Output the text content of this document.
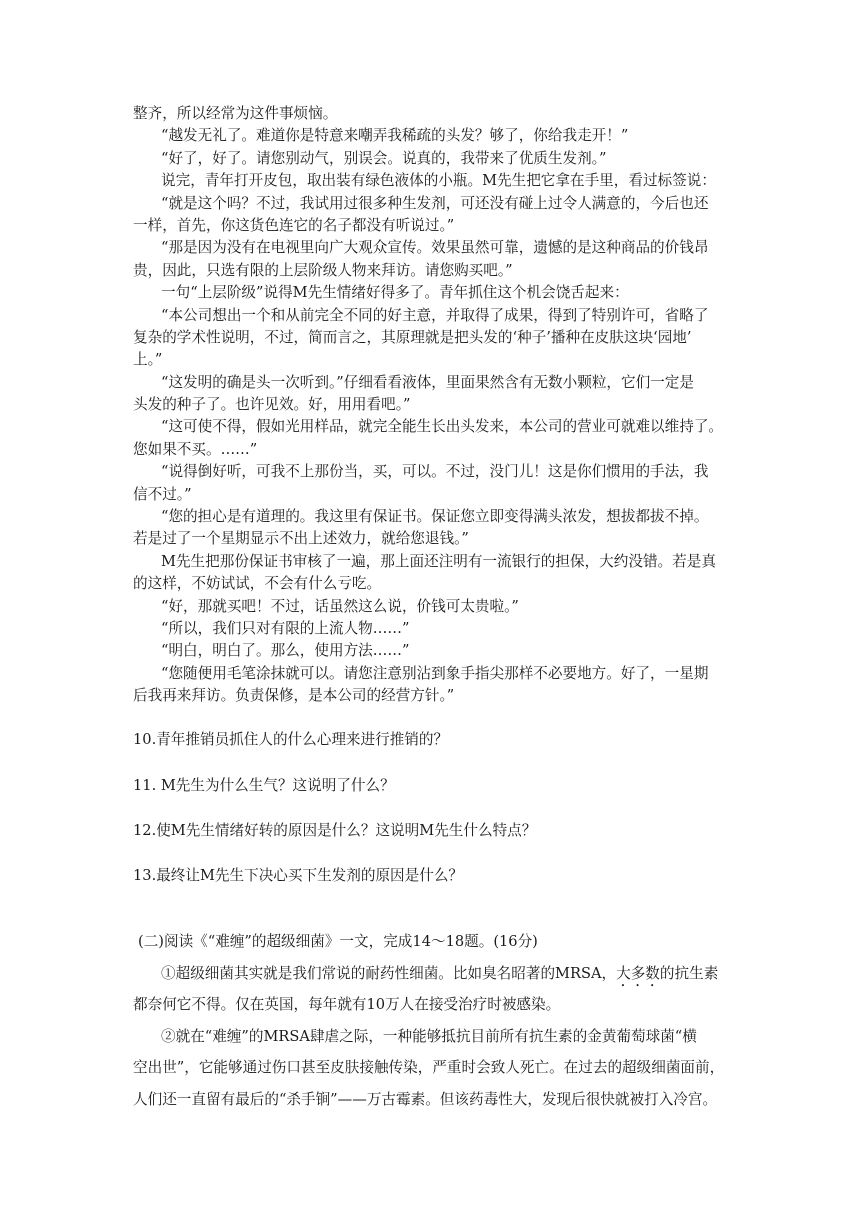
整齐，所以经常为这件事烦恼。

“越发无礼了。难道你是特意来嘲弄我稀疏的头发？够了，你给我走开！”

“好了，好了。请您别动气，别误会。说真的，我带来了优质生发剂。”

说完，青年打开皮包，取出装有绿色液体的小瓶。M先生把它拿在手里，看过标签说：

“就是这个吗？不过，我试用过很多种生发剂，可还没有碰上过令人满意的，今后也还

一样，首先，你这货色连它的名子都没有听说过。”

“那是因为没有在电视里向广大观众宣传。效果虽然可靠，遗憾的是这种商品的价钱昂

贵，因此，只选有限的上层阶级人物来拜访。请您购买吧。”

一句“上层阶级”说得M先生情绪好得多了。青年抓住这个机会饶舌起来：

“本公司想出一个和从前完全不同的好主意，并取得了成果，得到了特别许可，省略了

复杂的学术性说明，不过，简而言之，其原理就是把头发的‘种子’播种在皮肤这块‘园地’

上。”

“这发明的确是头一次听到。”仔细看看液体，里面果然含有无数小颗粒，它们一定是

头发的种子了。也许见效。好，用用看吧。”

“这可使不得，假如光用样品，就完全能生长出头发来，本公司的营业可就难以维持了。

您如果不买。……”

“说得倒好听，可我不上那份当，买，可以。不过，没门儿！这是你们惯用的手法，我

信不过。”

“您的担心是有道理的。我这里有保证书。保证您立即变得满头浓发，想拔都拔不掉。

若是过了一个星期显示不出上述效力，就给您退钱。”

M先生把那份保证书审核了一遍，那上面还注明有一流银行的担保，大约没错。若是真

的这样，不妨试试，不会有什么亏吃。

“好，那就买吧！不过，话虽然这么说，价钱可太贵啦。”

“所以，我们只对有限的上流人物……”

“明白，明白了。那么，使用方法……”

“您随便用毛笔涂抹就可以。请您注意别沾到象手指尖那样不必要地方。好了，一星期

后我再来拜访。负责保修，是本公司的经营方针。”

10.青年推销员抓住人的什么心理来进行推销的？

11. M先生为什么生气？这说明了什么？

12.使M先生情绪好转的原因是什么？这说明M先生什么特点？

13.最终让M先生下决心买下生发剂的原因是什么？

(二)阅读《“难缠”的超级细菌》一文，完成14～18题。(16分)

①超级细菌其实就是我们常说的耐药性细菌。比如臭名昭著的MRSA，大多数的抗生素

都奈何它不得。仅在英国，每年就有10万人在接受治疗时被感染。

②就在“难缠”的MRSA肆虐之际，一种能够抵抗目前所有抗生素的金黄葡萄球菌“横

空出世”，它能够通过伤口甚至皮肤接触传染，严重时会致人死亡。在过去的超级细菌面前，

人们还一直留有最后的“杀手锏”——万古霉素。但该药毒性大，发现后很快就被打入冷宫。
